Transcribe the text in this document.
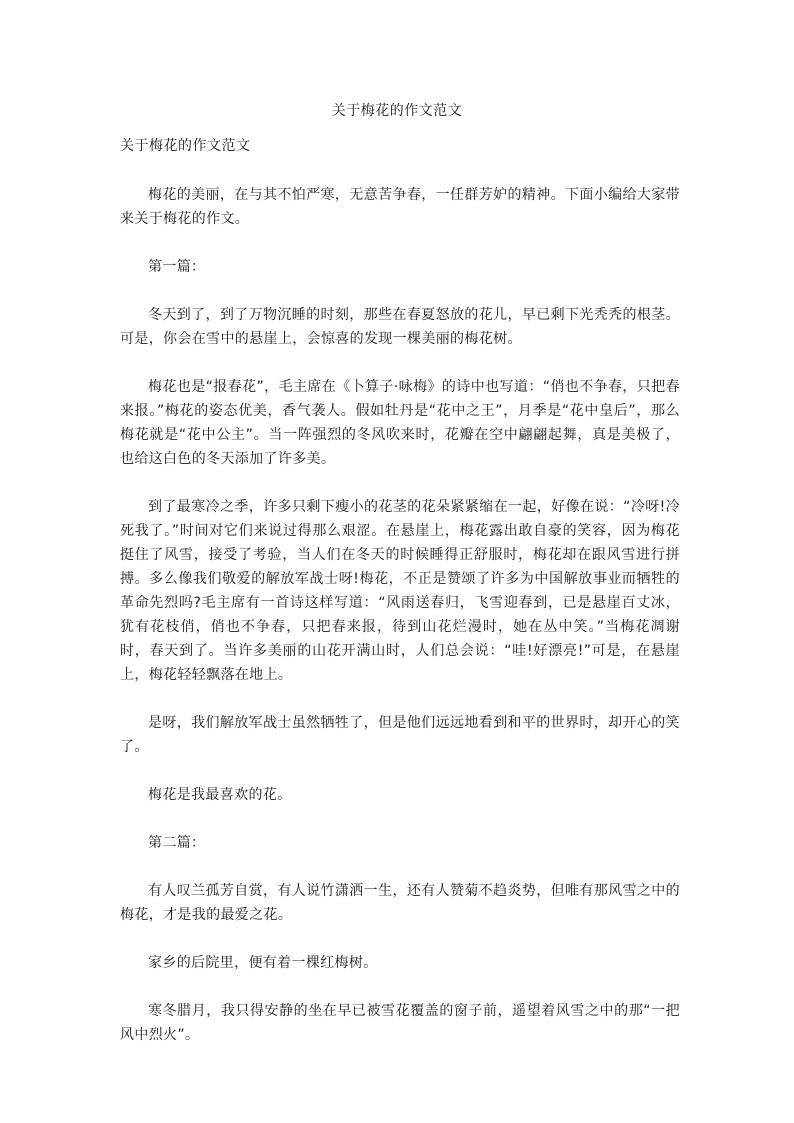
关于梅花的作文范文
关于梅花的作文范文

梅花的美丽，在与其不怕严寒，无意苦争春，一任群芳妒的精神。下面小编给大家带来关于梅花的作文。

第一篇：

冬天到了，到了万物沉睡的时刻，那些在春夏怒放的花儿，早已剩下光秃秃的根茎。可是，你会在雪中的悬崖上，会惊喜的发现一棵美丽的梅花树。

梅花也是“报春花”，毛主席在《卜算子·咏梅》的诗中也写道：“俏也不争春，只把春来报。”梅花的姿态优美，香气袭人。假如牡丹是“花中之王”，月季是“花中皇后”，那么梅花就是“花中公主”。当一阵强烈的冬风吹来时，花瓣在空中翩翩起舞，真是美极了，也给这白色的冬天添加了许多美。

到了最寒冷之季，许多只剩下瘦小的花茎的花朵紧紧缩在一起，好像在说：“冷呀!冷死我了。”时间对它们来说过得那么艰涩。在悬崖上，梅花露出敢自豪的笑容，因为梅花挺住了风雪，接受了考验，当人们在冬天的时候睡得正舒服时，梅花却在跟风雪进行拼搏。多么像我们敬爱的解放军战士呀!梅花，不正是赞颂了许多为中国解放事业而牺牲的革命先烈吗?毛主席有一首诗这样写道：“风雨送春归，飞雪迎春到，已是悬崖百丈冰，犹有花枝俏，俏也不争春，只把春来报，待到山花烂漫时，她在丛中笑。”当梅花凋谢时，春天到了。当许多美丽的山花开满山时，人们总会说：“哇!好漂亮!”可是，在悬崖上，梅花轻轻飘落在地上。

是呀，我们解放军战士虽然牺牲了，但是他们远远地看到和平的世界时，却开心的笑了。

梅花是我最喜欢的花。

第二篇：

有人叹兰孤芳自赏，有人说竹潇洒一生，还有人赞菊不趋炎势，但唯有那风雪之中的梅花，才是我的最爱之花。

家乡的后院里，便有着一棵红梅树。

寒冬腊月，我只得安静的坐在早已被雪花覆盖的窗子前，遥望着风雪之中的那“一把风中烈火”。
